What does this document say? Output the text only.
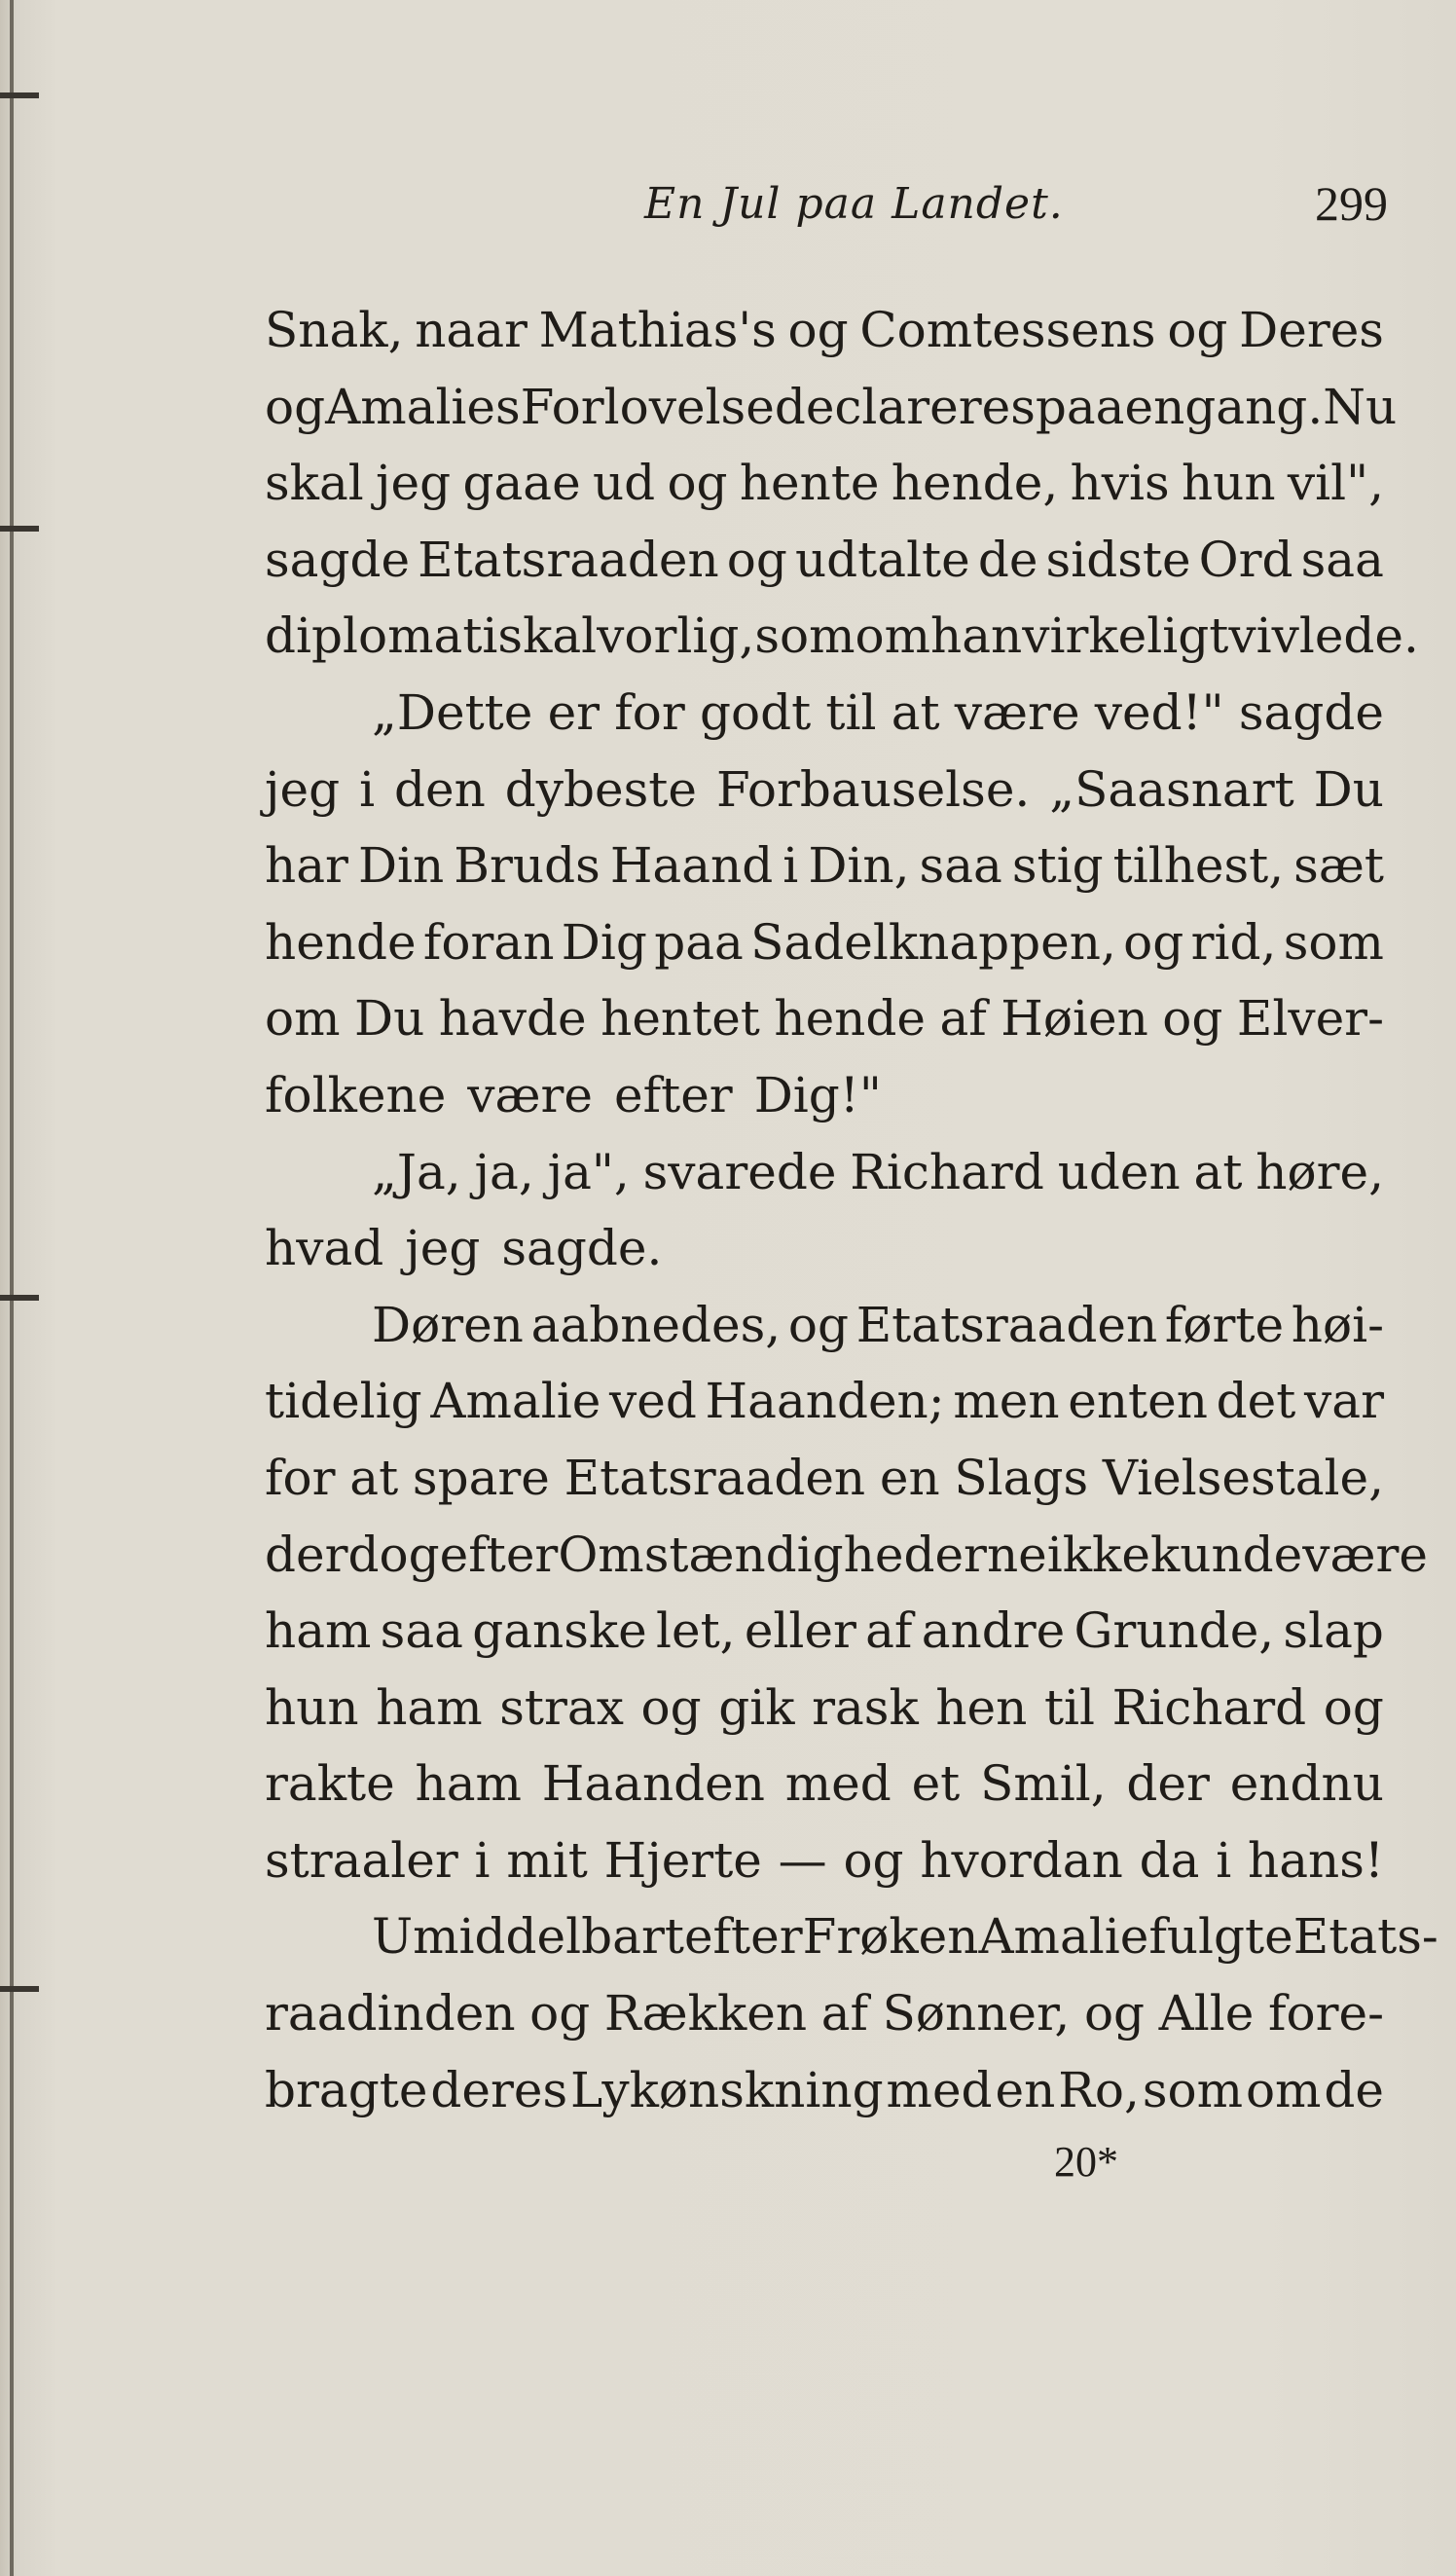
En Jul paa Landet.	299
Snak, naar Mathias's og Comtessens og Deres
og Amalies Forlovelse declareres paa engang. Nu
skal jeg gaae ud og hente hende, hvis hun vil",
sagde Etatsraaden og udtalte de sidste Ord saa
diplomatisk alvorlig, som om han virkelig tvivlede.
„Dette er for godt til at være ved!" sagde
jeg i den dybeste Forbauselse. „Saasnart Du
har Din Bruds Haand i Din, saa stig tilhest, sæt
hende foran Dig paa Sadelknappen, og rid, som
om Du havde hentet hende af Høien og Elver-
folkene være efter Dig!"
„Ja, ja, ja", svarede Richard uden at høre,
hvad jeg sagde.
Døren aabnedes, og Etatsraaden førte høi-
tidelig Amalie ved Haanden; men enten det var
for at spare Etatsraaden en Slags Vielsestale,
der dog efter Omstændighederne ikke kunde være
ham saa ganske let, eller af andre Grunde, slap
hun ham strax og gik rask hen til Richard og
rakte ham Haanden med et Smil, der endnu
straaler i mit Hjerte — og hvordan da i hans!
Umiddelbart efter Frøken Amalie fulgte Etats-
raadinden og Rækken af Sønner, og Alle fore-
bragte deres Lykønskning med en Ro, som om de
20*
